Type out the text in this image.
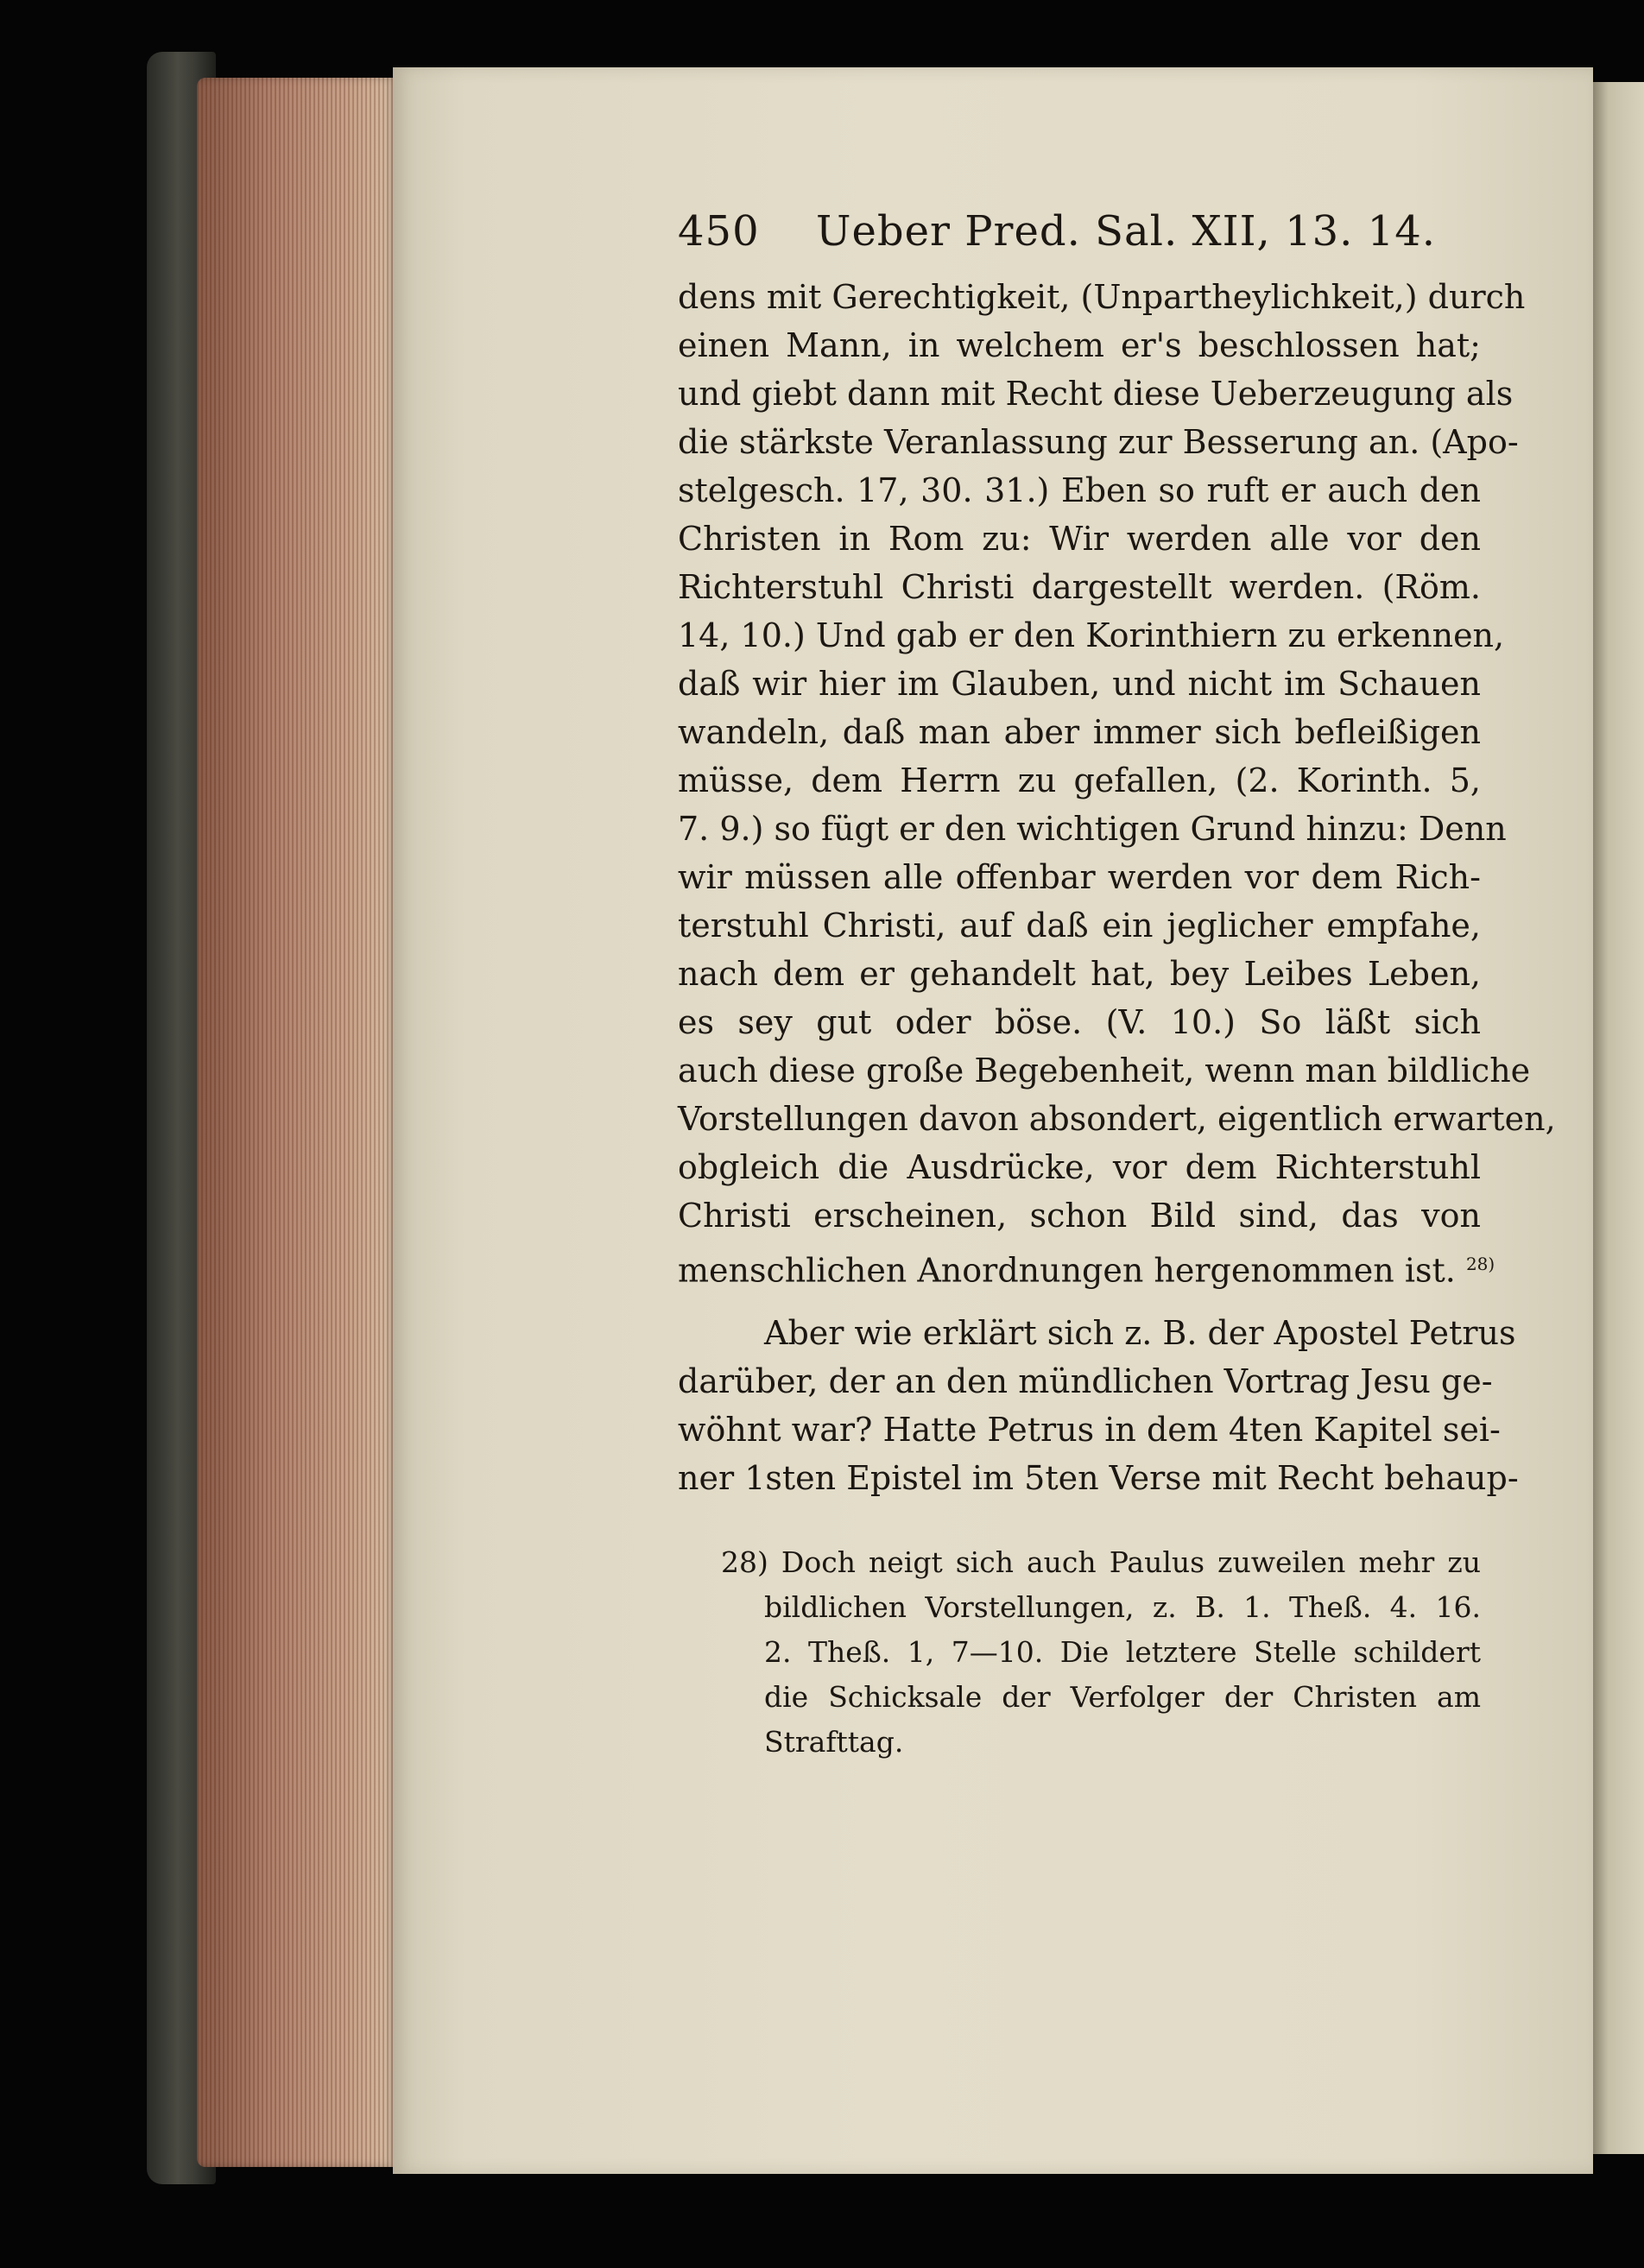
450	Ueber Pred. Sal. XII, 13. 14.
dens mit Gerechtigkeit, (Unpartheylichkeit,) durch
einen Mann, in welchem er's beschlossen hat;
und giebt dann mit Recht diese Ueberzeugung als
die stärkste Veranlassung zur Besserung an. (Apo-
stelgesch. 17, 30. 31.) Eben so ruft er auch den
Christen in Rom zu: Wir werden alle vor den
Richterstuhl Christi dargestellt werden. (Röm.
14, 10.) Und gab er den Korinthiern zu erkennen,
daß wir hier im Glauben, und nicht im Schauen
wandeln, daß man aber immer sich befleißigen
müsse, dem Herrn zu gefallen, (2. Korinth. 5,
7. 9.) so fügt er den wichtigen Grund hinzu: Denn
wir müssen alle offenbar werden vor dem Rich-
terstuhl Christi, auf daß ein jeglicher empfahe,
nach dem er gehandelt hat, bey Leibes Leben,
es sey gut oder böse. (V. 10.) So läßt sich
auch diese große Begebenheit, wenn man bildliche
Vorstellungen davon absondert, eigentlich erwarten,
obgleich die Ausdrücke, vor dem Richterstuhl
Christi erscheinen, schon Bild sind, das von
menschlichen Anordnungen hergenommen ist. $^{28)}$
Aber wie erklärt sich z. B. der Apostel Petrus
darüber, der an den mündlichen Vortrag Jesu ge-
wöhnt war? Hatte Petrus in dem 4ten Kapitel sei-
ner 1sten Epistel im 5ten Verse mit Recht behaup-
28) Doch neigt sich auch Paulus zuweilen mehr zu
bildlichen Vorstellungen, z. B. 1. Theß. 4. 16.
2. Theß. 1, 7—10. Die letztere Stelle schildert
die Schicksale der Verfolger der Christen am
Strafttag.
